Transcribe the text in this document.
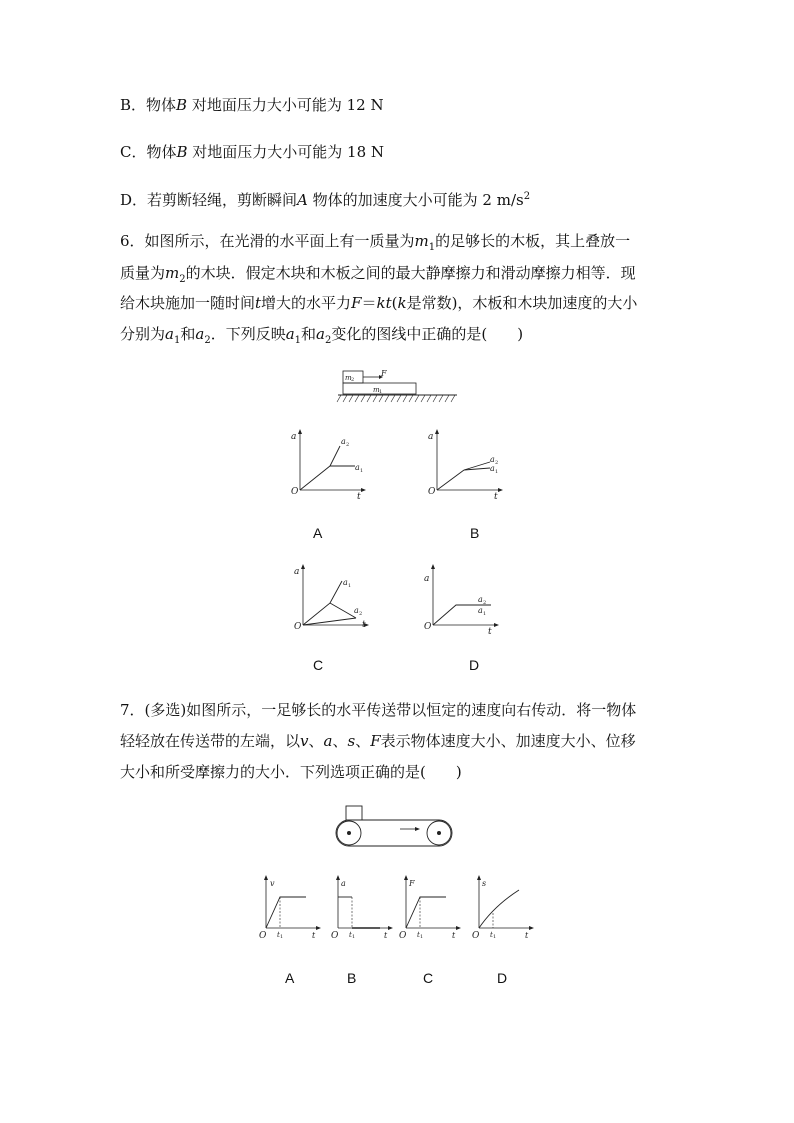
B．物体B 对地面压力大小可能为 12 N
C．物体B 对地面压力大小可能为 18 N
D．若剪断轻绳，剪断瞬间A 物体的加速度大小可能为 2 $m/s^2$
6．如图所示，在光滑的水平面上有一质量为$m_1$的足够长的木板，其上叠放一
质量为$m_2$的木块．假定木块和木板之间的最大静摩擦力和滑动摩擦力相等．现
给木块施加一随时间t增大的水平力F＝kt(k是常数)，木板和木块加速度的大小
分别为$a_1$和$a_2$．下列反映$a_1$和$a_2$变化的图线中正确的是(　　)
m 2
F
m 1
a
O	t
a 2
a 1
A
a
O	t
a 2
a 1
B
a
O	t
a 1
a 2
C
a
O	t
a 2
a 1
D
7．(多选)如图所示，一足够长的水平传送带以恒定的速度向右传动．将一物体
轻轻放在传送带的左端，以v、a、s、F表示物体速度大小、加速度大小、位移
大小和所受摩擦力的大小．下列选项正确的是(　　)
v
O	t
t 1
A
a
O	t
t 1
B
F
O	t
t 1
C
s
O	t
t 1
D
